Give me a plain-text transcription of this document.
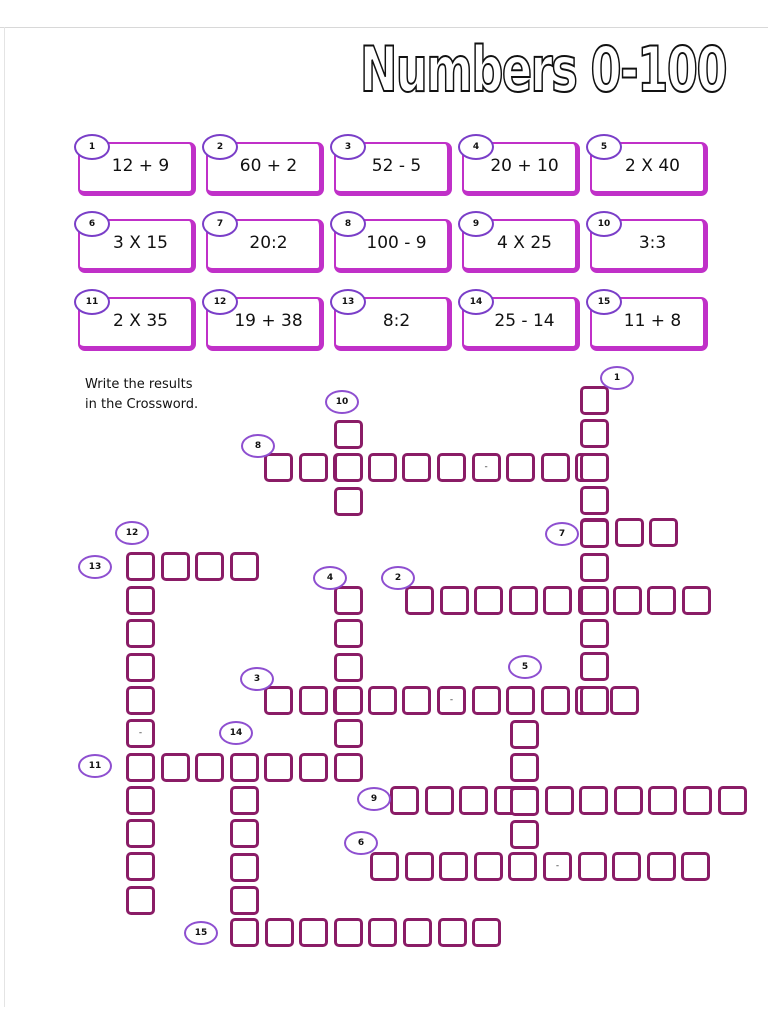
Numbers 0-100
1
12 + 9
2
60 + 2
3
52 - 5
4
20 + 10
5
2 X 40
6
3 X 15
7
20:2
8
100 - 9
9
4 X 25
10
3:3
11
2 X 35
12
19 + 38
13
8:2
14
25 - 14
15
11 + 8
Write the results
in the Crossword.
-
-
-
-
1
2
3
4
5
6
7
8
9
10
11
12
13
14
15
